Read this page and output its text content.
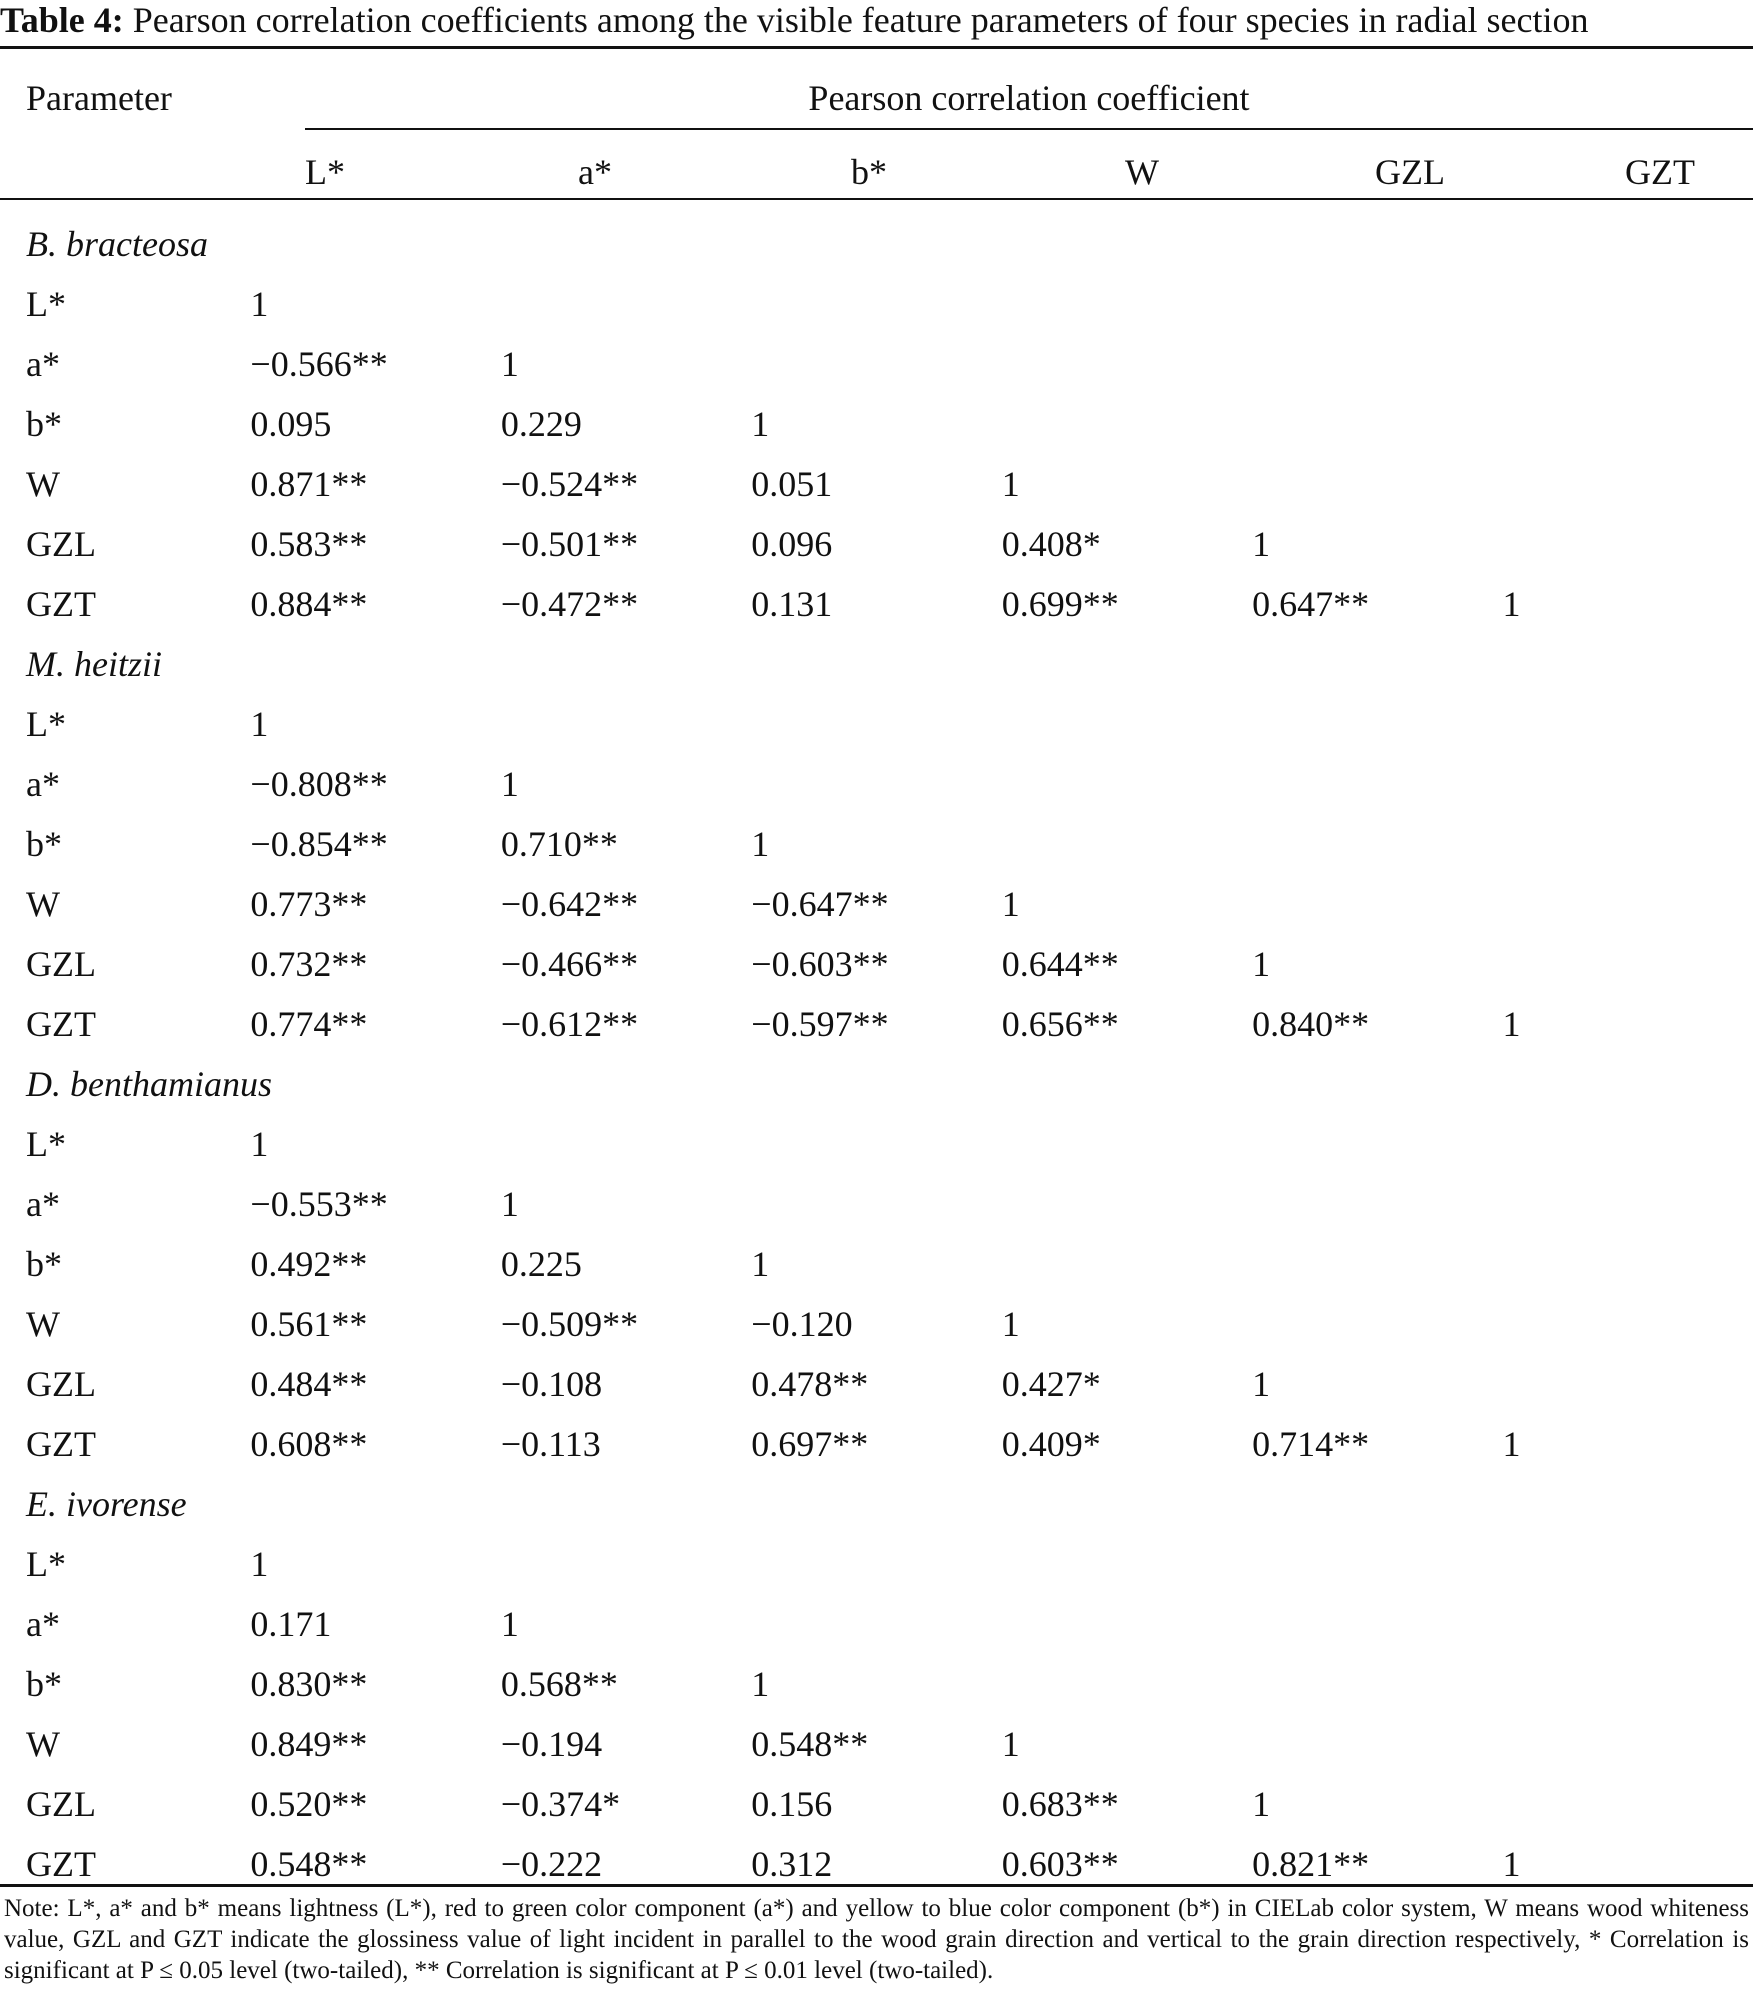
Table 4: Pearson correlation coefficients among the visible feature parameters of four species in radial section
Parameter	Pearson correlation coefficient
L*	a*	b*	W	GZL	GZT
B. bracteosa						
L*	1					
a*	−0.566**	1				
b*	0.095	0.229	1			
W	0.871**	−0.524**	0.051	1		
GZL	0.583**	−0.501**	0.096	0.408*	1	
GZT	0.884**	−0.472**	0.131	0.699**	0.647**	1
M. heitzii						
L*	1					
a*	−0.808**	1				
b*	−0.854**	0.710**	1			
W	0.773**	−0.642**	−0.647**	1		
GZL	0.732**	−0.466**	−0.603**	0.644**	1	
GZT	0.774**	−0.612**	−0.597**	0.656**	0.840**	1
D. benthamianus						
L*	1					
a*	−0.553**	1				
b*	0.492**	0.225	1			
W	0.561**	−0.509**	−0.120	1		
GZL	0.484**	−0.108	0.478**	0.427*	1	
GZT	0.608**	−0.113	0.697**	0.409*	0.714**	1
E. ivorense						
L*	1					
a*	0.171	1				
b*	0.830**	0.568**	1			
W	0.849**	−0.194	0.548**	1		
GZL	0.520**	−0.374*	0.156	0.683**	1	
GZT	0.548**	−0.222	0.312	0.603**	0.821**	1
Note: L*, a* and b* means lightness (L*), red to green color component (a*) and yellow to blue color component (b*) in CIELab color system, W means wood whiteness value, GZL and GZT indicate the glossiness value of light incident in parallel to the wood grain direction and vertical to the grain direction respectively, * Correlation is significant at P ≤ 0.05 level (two-tailed), ** Correlation is significant at P ≤ 0.01 level (two-tailed).
